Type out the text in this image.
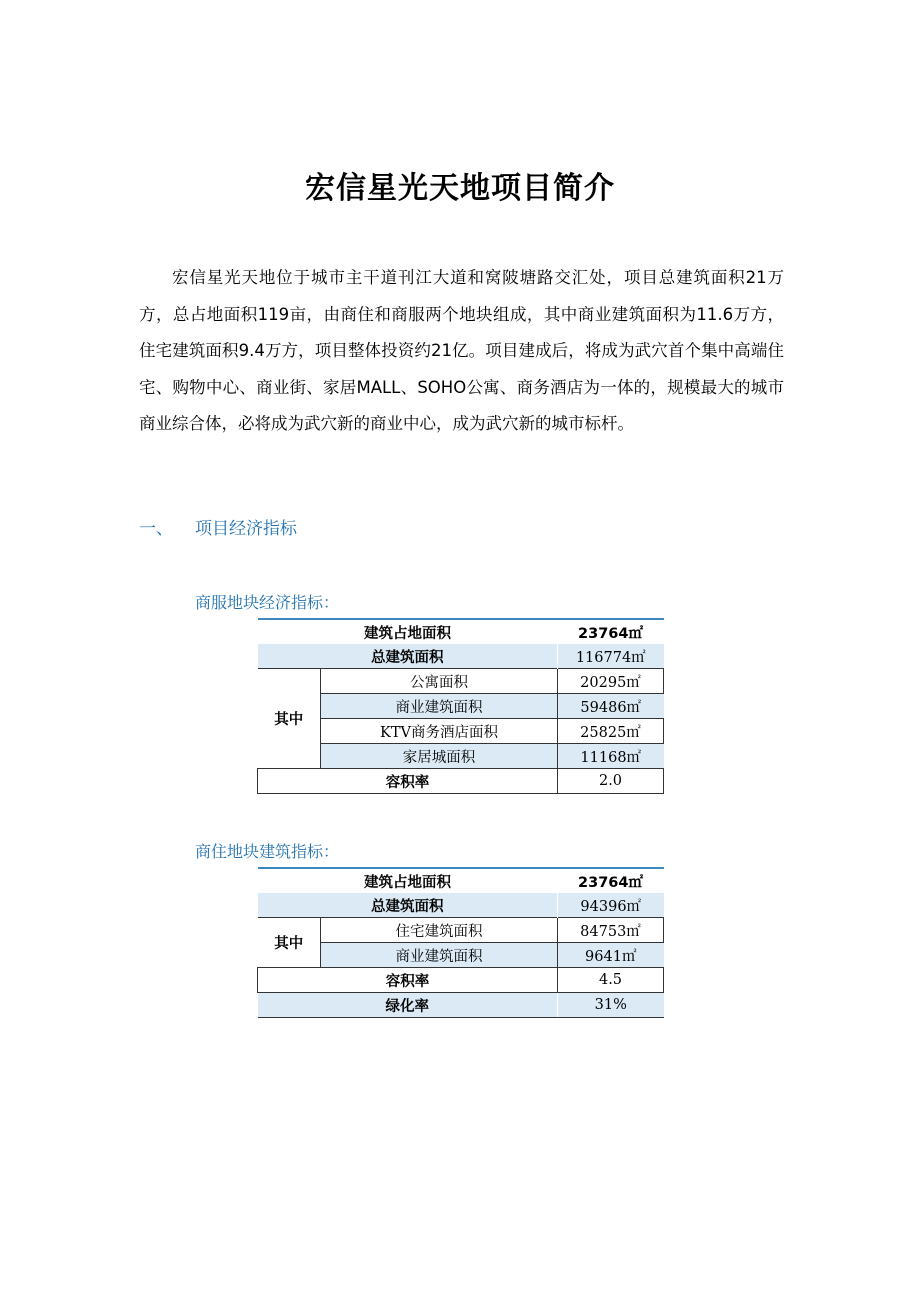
宏信星光天地项目简介

宏信星光天地位于城市主干道刊江大道和窝陂塘路交汇处，项目总建筑面积21万方，总占地面积119亩，由商住和商服两个地块组成，其中商业建筑面积为11.6万方，住宅建筑面积9.4万方，项目整体投资约21亿。项目建成后，将成为武穴首个集中高端住宅、购物中心、商业街、家居MALL、SOHO公寓、商务酒店为一体的，规模最大的城市商业综合体，必将成为武穴新的商业中心，成为武穴新的城市标杆。

一、 项目经济指标

商服地块经济指标：

建筑占地面积		23764㎡
总建筑面积		116774㎡
其中	公寓面积	20295㎡
	商业建筑面积	59486㎡
	KTV商务酒店面积	25825㎡
	家居城面积	11168㎡
容积率		2.0

商住地块建筑指标：

建筑占地面积		23764㎡
总建筑面积		94396㎡
其中	住宅建筑面积	84753㎡
	商业建筑面积	9641㎡
容积率		4.5
绿化率		31%
